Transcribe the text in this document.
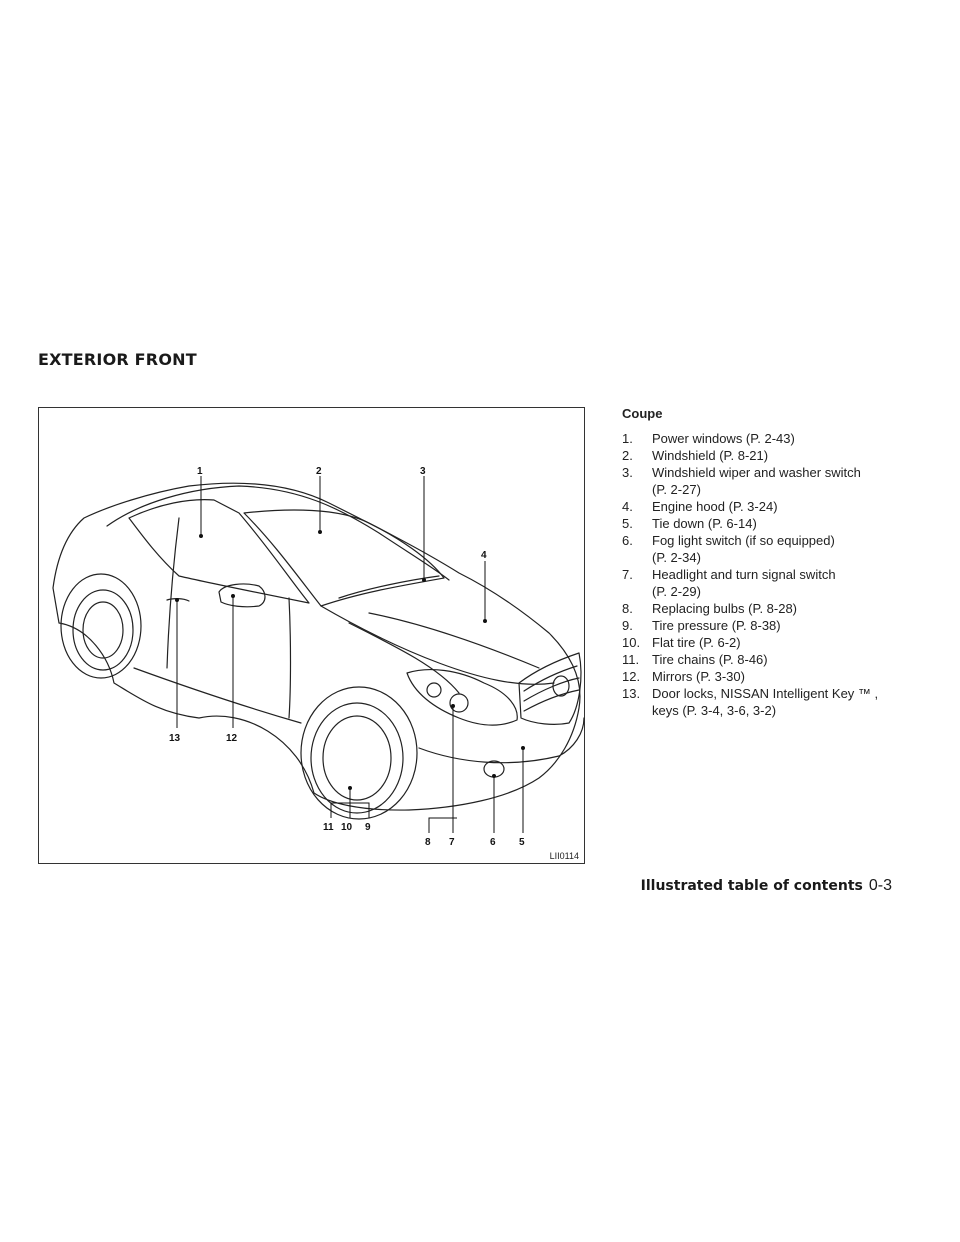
EXTERIOR FRONT
1	2	3
4
5
6
7
8
9
10
11
12
13
LII0114

Coupe

1.	Power windows (P. 2-43)
2.	Windshield (P. 8-21)
3.	Windshield wiper and washer switch
(P. 2-27)
4.	Engine hood (P. 3-24)
5.	Tie down (P. 6-14)
6.	Fog light switch (if so equipped)
(P. 2-34)
7.	Headlight and turn signal switch
(P. 2-29)
8.	Replacing bulbs (P. 8-28)
9.	Tire pressure (P. 8-38)
10. Flat tire (P. 6-2)
11. Tire chains (P. 8-46)
12. Mirrors (P. 3-30)
13. Door locks, NISSAN Intelligent Key ™ ,
keys (P. 3-4, 3-6, 3-2)
Illustrated table of contents 0-3
